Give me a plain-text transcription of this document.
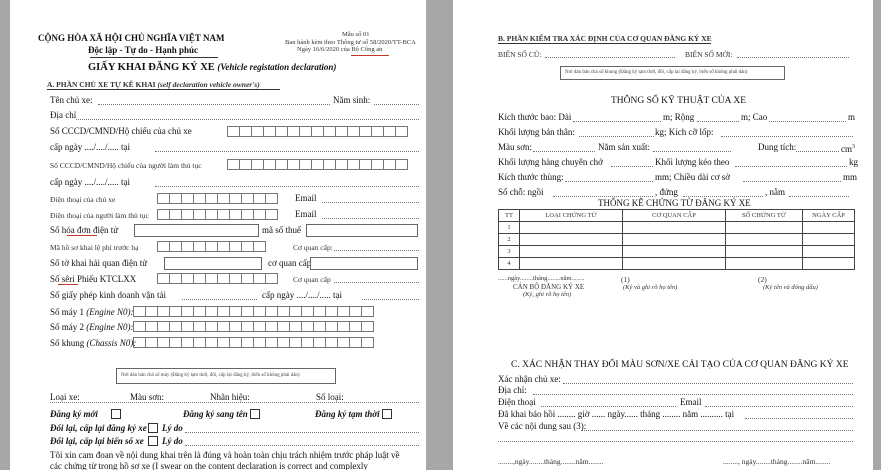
CỘNG HÒA XÃ HỘI CHỦ NGHĨA VIỆT NAM
Độc lập - Tự do - Hạnh phúc
Mẫu số 01
Ban hành kèm theo Thông tư số 58/2020/TT-BCA
Ngày 16/6/2020 của Bộ Công an
GIẤY KHAI ĐĂNG KÝ XE (Vehicle registation declaration)
A. PHẦN CHỦ XE TỰ KÊ KHAI (self declaration vehicle owner's)
Tên chủ xe:	Năm sinh:
Địa chỉ
Số CCCD/CMND/Hộ chiếu của chủ xe
cấp ngày ..../..../..... tại
Số CCCD/CMND/Hộ chiếu của người làm thủ tục
cấp ngày ..../..../..... tại
Điện thoại của chủ xe	Email
Điện thoại của người làm thủ tục	Email
Số hóa đơn điện tử	mã số thuế
Mã hồ sơ khai lệ phí trước bạ	Cơ quan cấp:
Số tờ khai hải quan điện tử	cơ quan cấp
Số sêri Phiếu KTCLXX	Cơ quan cấp
Số giấy phép kinh doanh vận tải	cấp ngày ..../..../..... tại
Số máy 1 (Engine N0):
Số máy 2 (Engine N0):
Số khung (Chassis N0):
Nơi dán bản chà số máy (Đăng ký tạm thời, đổi, cấp lại đăng ký, biển số không phải dán)
Loại xe:	Màu sơn:	Nhãn hiệu:	Số loại:
Đăng ký mới	Đăng ký sang tên	Đăng ký tạm thời
Đổi lại, cấp lại đăng ký xe Lý do
Đổi lại, cấp lại biển số xe Lý do
Tôi xin cam đoan về nội dung khai trên là đúng và hoàn toàn chịu trách nhiệm trước pháp luật về
các chứng từ trong hồ sơ xe (I swear on the content declaration is correct and complexly
B. PHẦN KIỂM TRA XÁC ĐỊNH CỦA CƠ QUAN ĐĂNG KÝ XE
BIỂN SỐ CŨ:	BIỂN SỐ MỚI:
Nơi dán bản chà số khung (Đăng ký tạm thời, đổi, cấp lại đăng ký, biển số không phải dán)
THÔNG SỐ KỸ THUẬT CỦA XE
Kích thước bao: Dài	m; Rộng	m; Cao	m
Khối lượng bản thân:	kg; Kích cỡ lốp:
Màu sơn:	Năm sản xuất:	Dung tích:	$cm^3$
Khối lượng hàng chuyên chở	Khối lượng kéo theo	kg
Kích thước thùng:	mm; Chiều dài cơ sở	mm
Số chỗ: ngồi	, đứng	, nằm
THỐNG KÊ CHỨNG TỪ ĐĂNG KÝ XE
TT	LOẠI CHỨNG TỪ	CƠ QUAN CẤP	SỐ CHỨNG TỪ	NGÀY CẤP
1				
2				
3				
4				
......ngày........tháng........năm........
CÁN BỘ ĐĂNG KÝ XE
(Ký, ghi rõ họ tên)
(1)
(Ký và ghi rõ họ tên)
(2)
(Ký tên và đóng dấu)
C. XÁC NHẬN THAY ĐỔI MÀU SƠN/XE CẢI TẠO CỦA CƠ QUAN ĐĂNG KÝ XE
Xác nhận chủ xe:
Địa chỉ:
Điện thoại	Email
Đã khai báo hồi ........ giờ ...... ngày...... tháng ........ năm .......... tại
Về các nội dung sau (3):
........,ngày........tháng........năm........	........, ngày........tháng........năm........
